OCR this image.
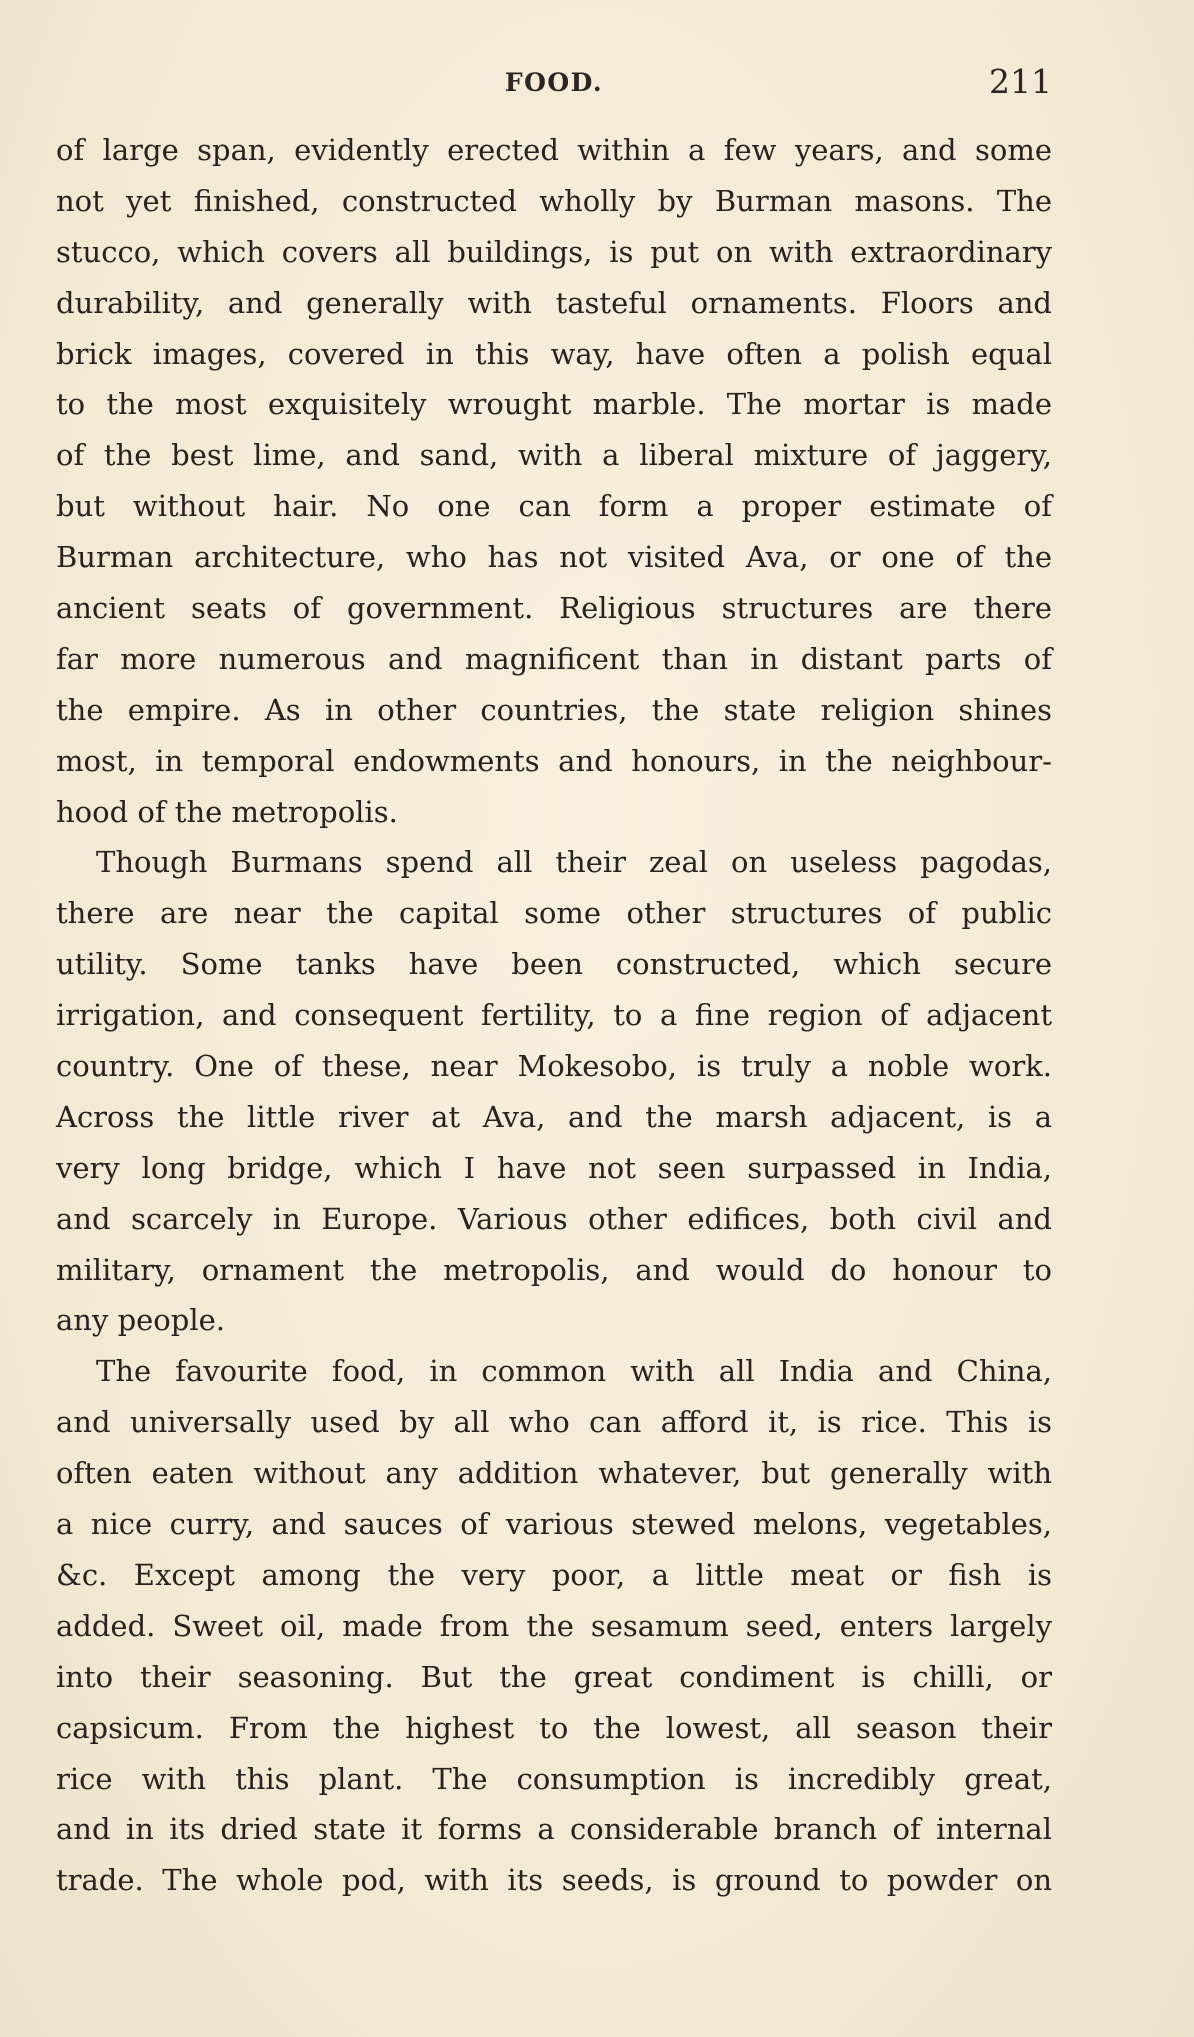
FOOD.	211

of large span, evidently erected within a few years, and some
not yet finished, constructed wholly by Burman masons. The
stucco, which covers all buildings, is put on with extraordinary
durability, and generally with tasteful ornaments. Floors and
brick images, covered in this way, have often a polish equal
to the most exquisitely wrought marble. The mortar is made
of the best lime, and sand, with a liberal mixture of jaggery,
but without hair. No one can form a proper estimate of
Burman architecture, who has not visited Ava, or one of the
ancient seats of government. Religious structures are there
far more numerous and magnificent than in distant parts of
the empire. As in other countries, the state religion shines
most, in temporal endowments and honours, in the neighbour-
hood of the metropolis.

Though Burmans spend all their zeal on useless pagodas,
there are near the capital some other structures of public
utility. Some tanks have been constructed, which secure
irrigation, and consequent fertility, to a fine region of adjacent
country. One of these, near Mokesobo, is truly a noble work.
Across the little river at Ava, and the marsh adjacent, is a
very long bridge, which I have not seen surpassed in India,
and scarcely in Europe. Various other edifices, both civil and
military, ornament the metropolis, and would do honour to
any people.

The favourite food, in common with all India and China,
and universally used by all who can afford it, is rice. This is
often eaten without any addition whatever, but generally with
a nice curry, and sauces of various stewed melons, vegetables,
&c. Except among the very poor, a little meat or fish is
added. Sweet oil, made from the sesamum seed, enters largely
into their seasoning. But the great condiment is chilli, or
capsicum. From the highest to the lowest, all season their
rice with this plant. The consumption is incredibly great,
and in its dried state it forms a considerable branch of internal
trade. The whole pod, with its seeds, is ground to powder on
